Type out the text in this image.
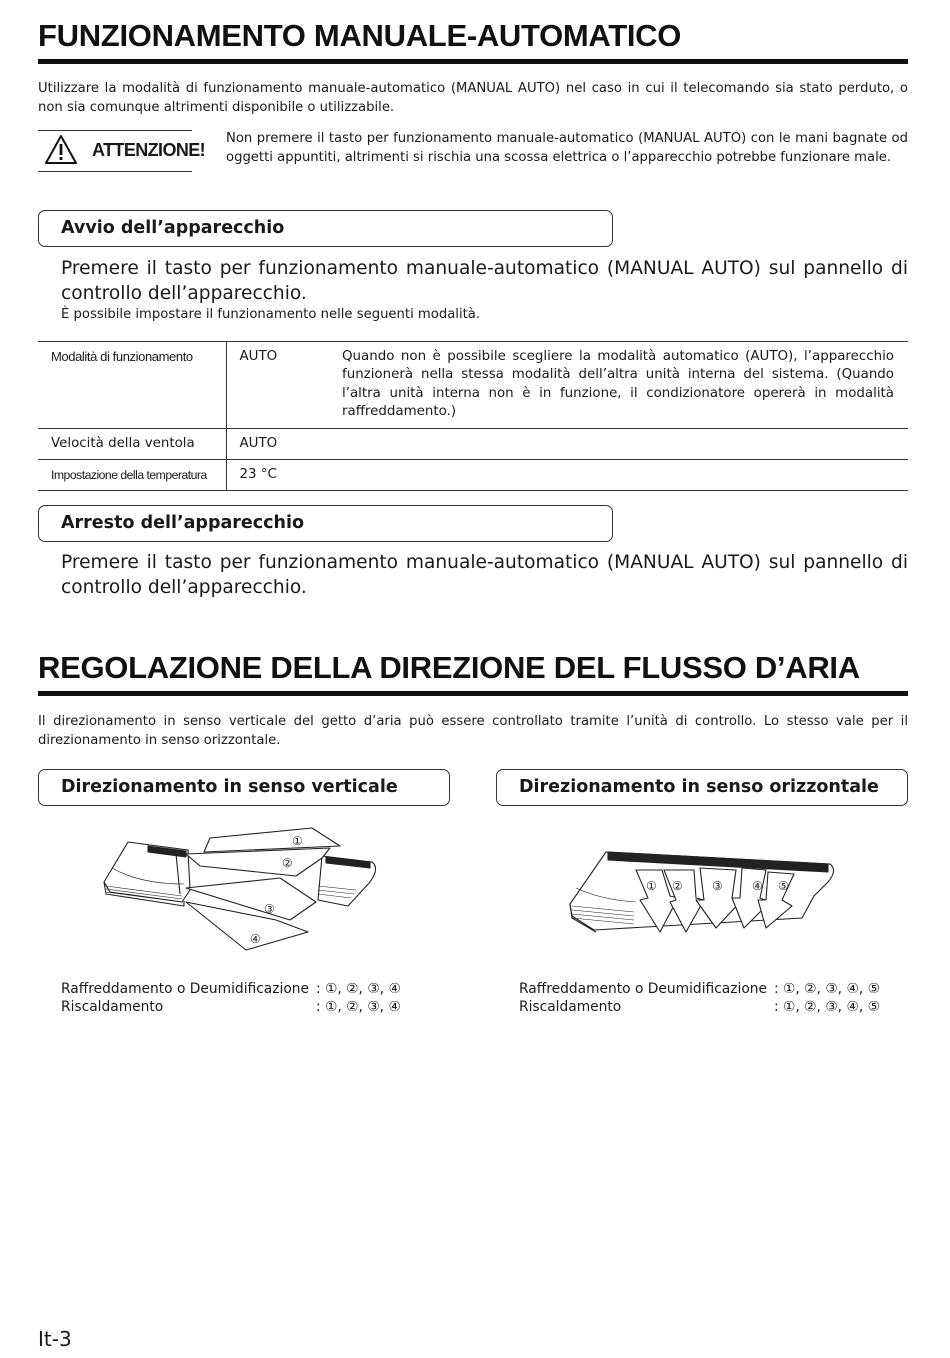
FUNZIONAMENTO MANUALE-AUTOMATICO

Utilizzare la modalità di funzionamento manuale-automatico (MANUAL AUTO) nel caso in cui il telecomando sia stato perduto, o non sia comunque altrimenti disponibile o utilizzabile.

ATTENZIONE!

Non premere il tasto per funzionamento manuale-automatico (MANUAL AUTO) con le mani bagnate od oggetti appuntiti, altrimenti si rischia una scossa elettrica o l’apparecchio potrebbe funzionare male.

Avvio dell’apparecchio

Premere il tasto per funzionamento manuale-automatico (MANUAL AUTO) sul pannello di controllo dell’apparecchio.

È possibile impostare il funzionamento nelle seguenti modalità.

Modalità di funzionamento	AUTO	Quando non è possibile scegliere la modalità automatico (AUTO), l’apparecchio funzionerà nella stessa modalità dell’altra unità interna del sistema. (Quando l’altra unità interna non è in funzione, il condizionatore opererà in modalità raffreddamento.)
Velocità della ventola	AUTO	
Impostazione della temperatura	23 °C	
Arresto dell’apparecchio

Premere il tasto per funzionamento manuale-automatico (MANUAL AUTO) sul pannello di controllo dell’apparecchio.

REGOLAZIONE DELLA DIREZIONE DEL FLUSSO D’ARIA

Il direzionamento in senso verticale del getto d’aria può essere controllato tramite l’unità di controllo. Lo stesso vale per il direzionamento in senso orizzontale.

Direzionamento in senso verticale	Direzionamento in senso orizzontale
①
②
③
④
① ② ③ ④ ⑤
Raffreddamento o Deumidificazione : ①, ②, ③, ④
Riscaldamento	: ①, ②, ③, ④
Raffreddamento o Deumidificazione : ①, ②, ③, ④, ⑤
Riscaldamento	: ①, ②, ③, ④, ⑤
It-3
